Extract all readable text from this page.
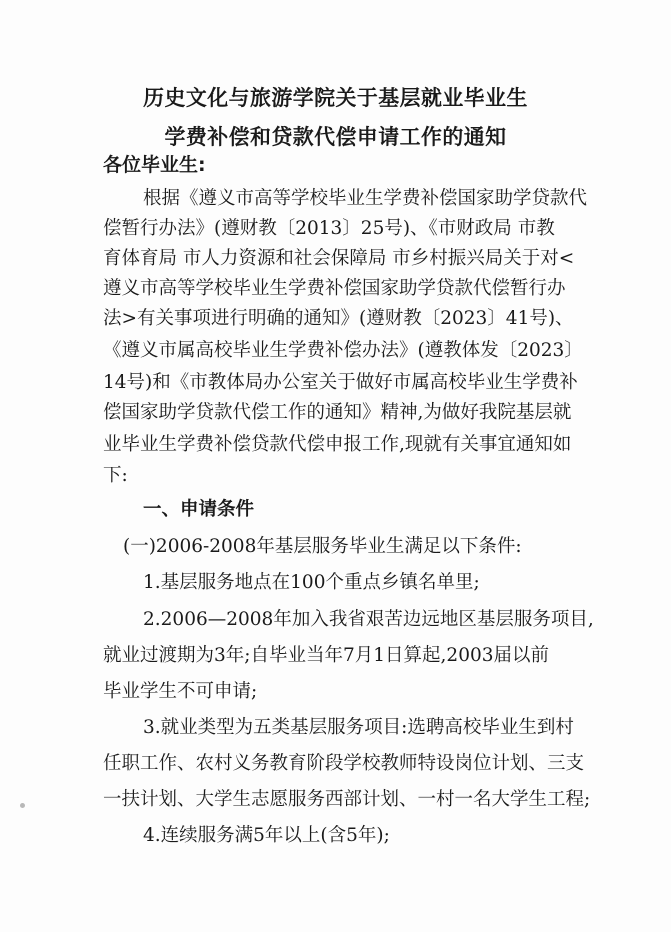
历史文化与旅游学院关于基层就业毕业生
学费补偿和贷款代偿申请工作的通知
各位毕业生:
根据《遵义市高等学校毕业生学费补偿国家助学贷款代
偿暂行办法》(遵财教〔2013〕25号)、《市财政局 市教
育体育局 市人力资源和社会保障局 市乡村振兴局关于对<
遵义市高等学校毕业生学费补偿国家助学贷款代偿暂行办
法>有关事项进行明确的通知》(遵财教〔2023〕41号)、
《遵义市属高校毕业生学费补偿办法》(遵教体发〔2023〕
14号)和《市教体局办公室关于做好市属高校毕业生学费补
偿国家助学贷款代偿工作的通知》精神,为做好我院基层就
业毕业生学费补偿贷款代偿申报工作,现就有关事宜通知如
下:
一、申请条件
(一)2006-2008年基层服务毕业生满足以下条件:
1.基层服务地点在100个重点乡镇名单里;
2.2006—2008年加入我省艰苦边远地区基层服务项目,
就业过渡期为3年;自毕业当年7月1日算起,2003届以前
毕业学生不可申请;
3.就业类型为五类基层服务项目:选聘高校毕业生到村
任职工作、农村义务教育阶段学校教师特设岗位计划、三支
一扶计划、大学生志愿服务西部计划、一村一名大学生工程;
4.连续服务满5年以上(含5年);
